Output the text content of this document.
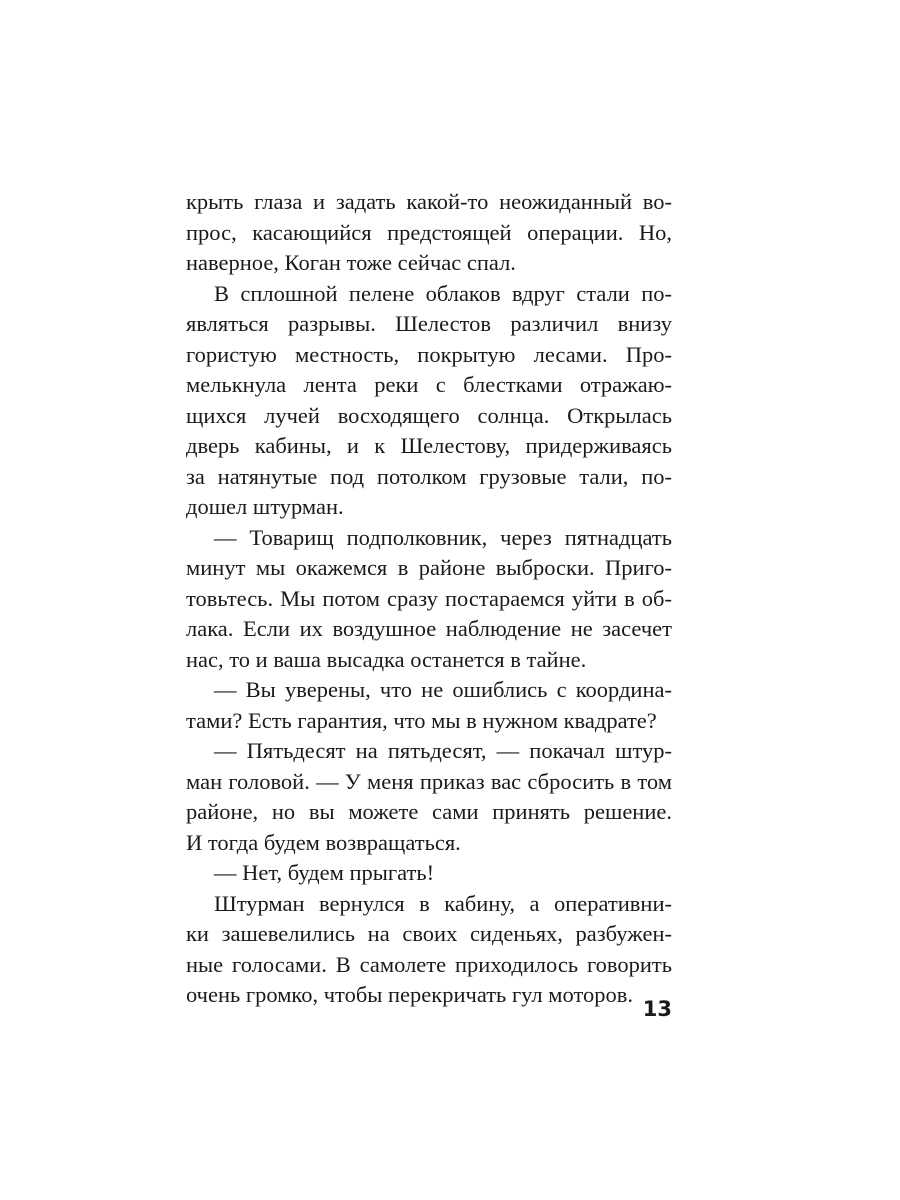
крыть глаза и задать какой-то неожиданный во-
прос, касающийся предстоящей операции. Но,
наверное, Коган тоже сейчас спал.
В сплошной пелене облаков вдруг стали по-
являться разрывы. Шелестов различил внизу
гористую местность, покрытую лесами. Про-
мелькнула лента реки с блестками отражаю-
щихся лучей восходящего солнца. Открылась
дверь кабины, и к Шелестову, придерживаясь
за натянутые под потолком грузовые тали, по-
дошел штурман.
— Товарищ подполковник, через пятнадцать
минут мы окажемся в районе выброски. Приго-
товьтесь. Мы потом сразу постараемся уйти в об-
лака. Если их воздушное наблюдение не засечет
нас, то и ваша высадка останется в тайне.
— Вы уверены, что не ошиблись с координа-
тами? Есть гарантия, что мы в нужном квадрате?
— Пятьдесят на пятьдесят, — покачал штур-
ман головой. — У меня приказ вас сбросить в том
районе, но вы можете сами принять решение.
И тогда будем возвращаться.
— Нет, будем прыгать!
Штурман вернулся в кабину, а оперативни-
ки зашевелились на своих сиденьях, разбужен-
ные голосами. В самолете приходилось говорить
очень громко, чтобы перекричать гул моторов.
13
